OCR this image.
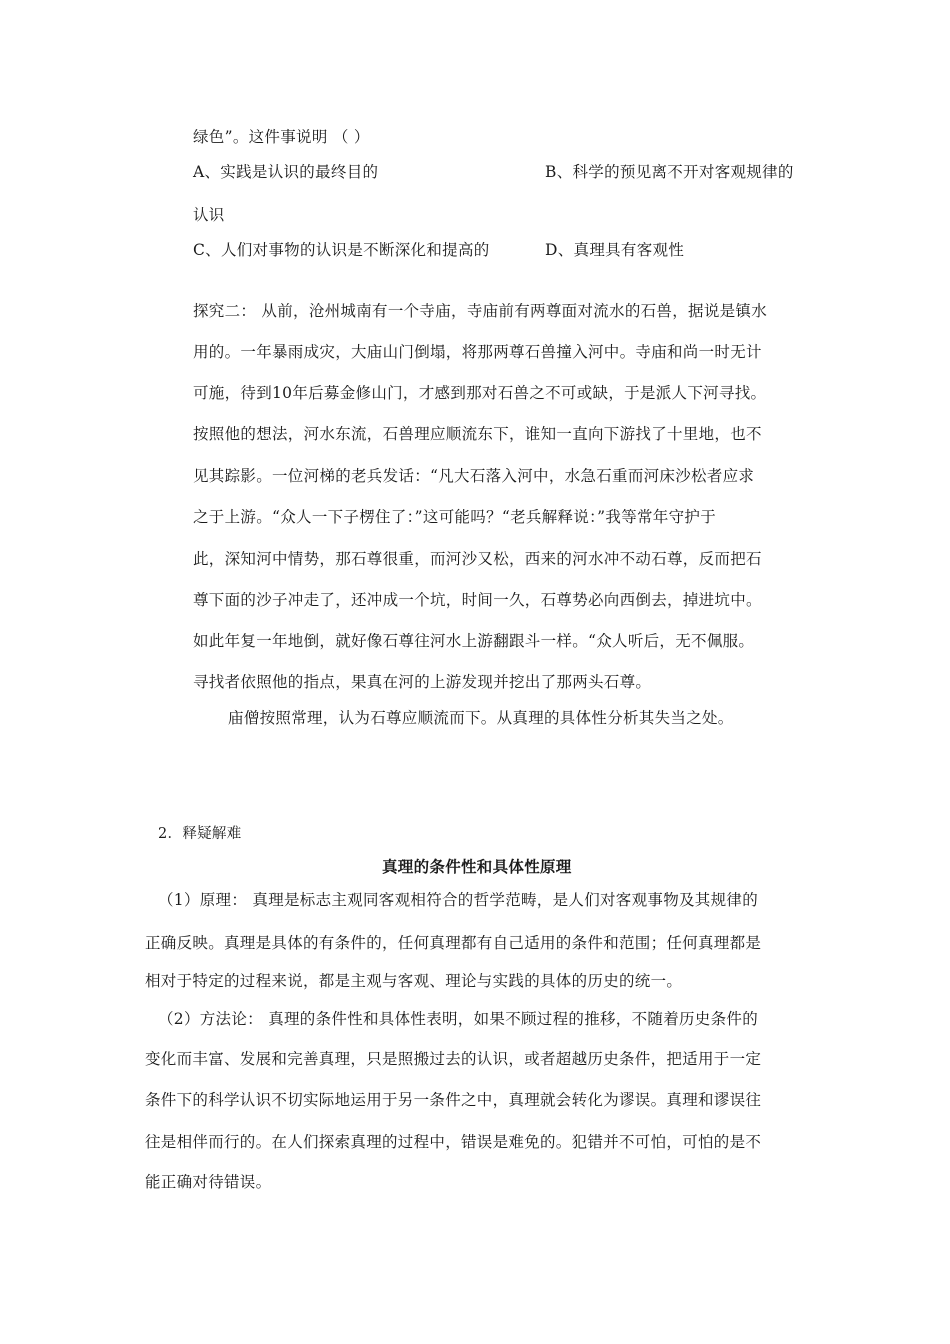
绿色”。这件事说明 （ ）
A、实践是认识的最终目的	B、科学的预见离不开对客观规律的
认识
C、人们对事物的认识是不断深化和提高的	D、真理具有客观性
探究二： 从前，沧州城南有一个寺庙，寺庙前有两尊面对流水的石兽，据说是镇水
用的。一年暴雨成灾，大庙山门倒塌，将那两尊石兽撞入河中。寺庙和尚一时无计
可施，待到10年后募金修山门，才感到那对石兽之不可或缺，于是派人下河寻找。
按照他的想法，河水东流，石兽理应顺流东下，谁知一直向下游找了十里地，也不
见其踪影。一位河梯的老兵发话：“凡大石落入河中，水急石重而河床沙松者应求
之于上游。“众人一下子楞住了：”这可能吗？“老兵解释说：”我等常年守护于
此，深知河中情势，那石尊很重，而河沙又松，西来的河水冲不动石尊，反而把石
尊下面的沙子冲走了，还冲成一个坑，时间一久，石尊势必向西倒去，掉进坑中。
如此年复一年地倒，就好像石尊往河水上游翻跟斗一样。“众人听后，无不佩服。
寻找者依照他的指点，果真在河的上游发现并挖出了那两头石尊。
庙僧按照常理，认为石尊应顺流而下。从真理的具体性分析其失当之处。
2．释疑解难
真理的条件性和具体性原理
（1）原理： 真理是标志主观同客观相符合的哲学范畴，是人们对客观事物及其规律的
正确反映。真理是具体的有条件的，任何真理都有自己适用的条件和范围；任何真理都是
相对于特定的过程来说，都是主观与客观、理论与实践的具体的历史的统一。
（2）方法论： 真理的条件性和具体性表明，如果不顾过程的推移，不随着历史条件的
变化而丰富、发展和完善真理，只是照搬过去的认识，或者超越历史条件，把适用于一定
条件下的科学认识不切实际地运用于另一条件之中，真理就会转化为谬误。真理和谬误往
往是相伴而行的。在人们探索真理的过程中，错误是难免的。犯错并不可怕，可怕的是不
能正确对待错误。
